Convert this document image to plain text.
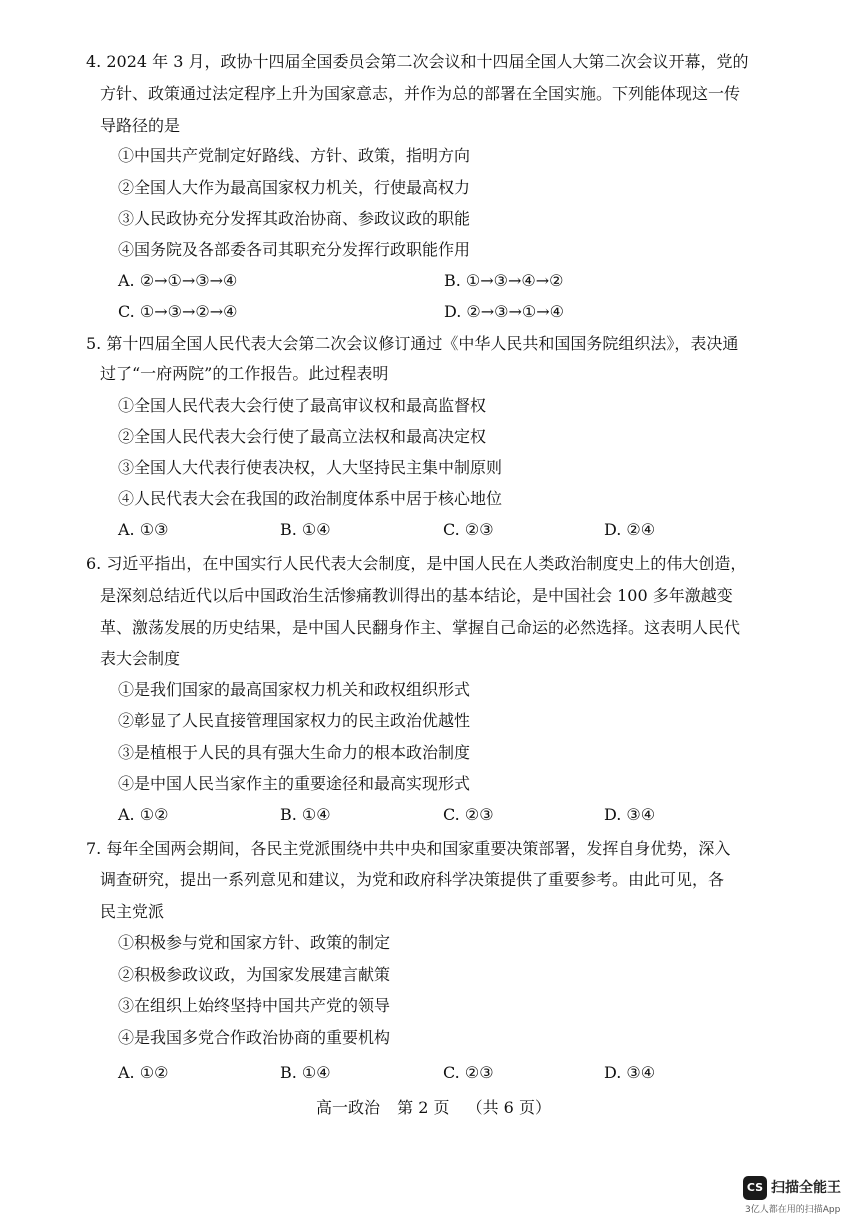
4. 2024 年 3 月，政协十四届全国委员会第二次会议和十四届全国人大第二次会议开幕，党的
方针、政策通过法定程序上升为国家意志，并作为总的部署在全国实施。下列能体现这一传
导路径的是
①中国共产党制定好路线、方针、政策，指明方向
②全国人大作为最高国家权力机关，行使最高权力
③人民政协充分发挥其政治协商、参政议政的职能
④国务院及各部委各司其职充分发挥行政职能作用
A. ②→①→③→④	B. ①→③→④→②
C. ①→③→②→④	D. ②→③→①→④
5. 第十四届全国人民代表大会第二次会议修订通过《中华人民共和国国务院组织法》，表决通
过了“一府两院”的工作报告。此过程表明
①全国人民代表大会行使了最高审议权和最高监督权
②全国人民代表大会行使了最高立法权和最高决定权
③全国人大代表行使表决权，人大坚持民主集中制原则
④人民代表大会在我国的政治制度体系中居于核心地位
A. ①③	B. ①④	C. ②③	D. ②④
6. 习近平指出，在中国实行人民代表大会制度，是中国人民在人类政治制度史上的伟大创造，
是深刻总结近代以后中国政治生活惨痛教训得出的基本结论，是中国社会 100 多年激越变
革、激荡发展的历史结果，是中国人民翻身作主、掌握自己命运的必然选择。这表明人民代
表大会制度
①是我们国家的最高国家权力机关和政权组织形式
②彰显了人民直接管理国家权力的民主政治优越性
③是植根于人民的具有强大生命力的根本政治制度
④是中国人民当家作主的重要途径和最高实现形式
A. ①②	B. ①④	C. ②③	D. ③④
7. 每年全国两会期间，各民主党派围绕中共中央和国家重要决策部署，发挥自身优势，深入
调查研究，提出一系列意见和建议，为党和政府科学决策提供了重要参考。由此可见，各
民主党派
①积极参与党和国家方针、政策的制定
②积极参政议政，为国家发展建言献策
③在组织上始终坚持中国共产党的领导
④是我国多党合作政治协商的重要机构
A. ①②	B. ①④	C. ②③	D. ③④
高一政治 第 2 页 （共 6 页）
CS 扫描全能王
3亿人都在用的扫描App
